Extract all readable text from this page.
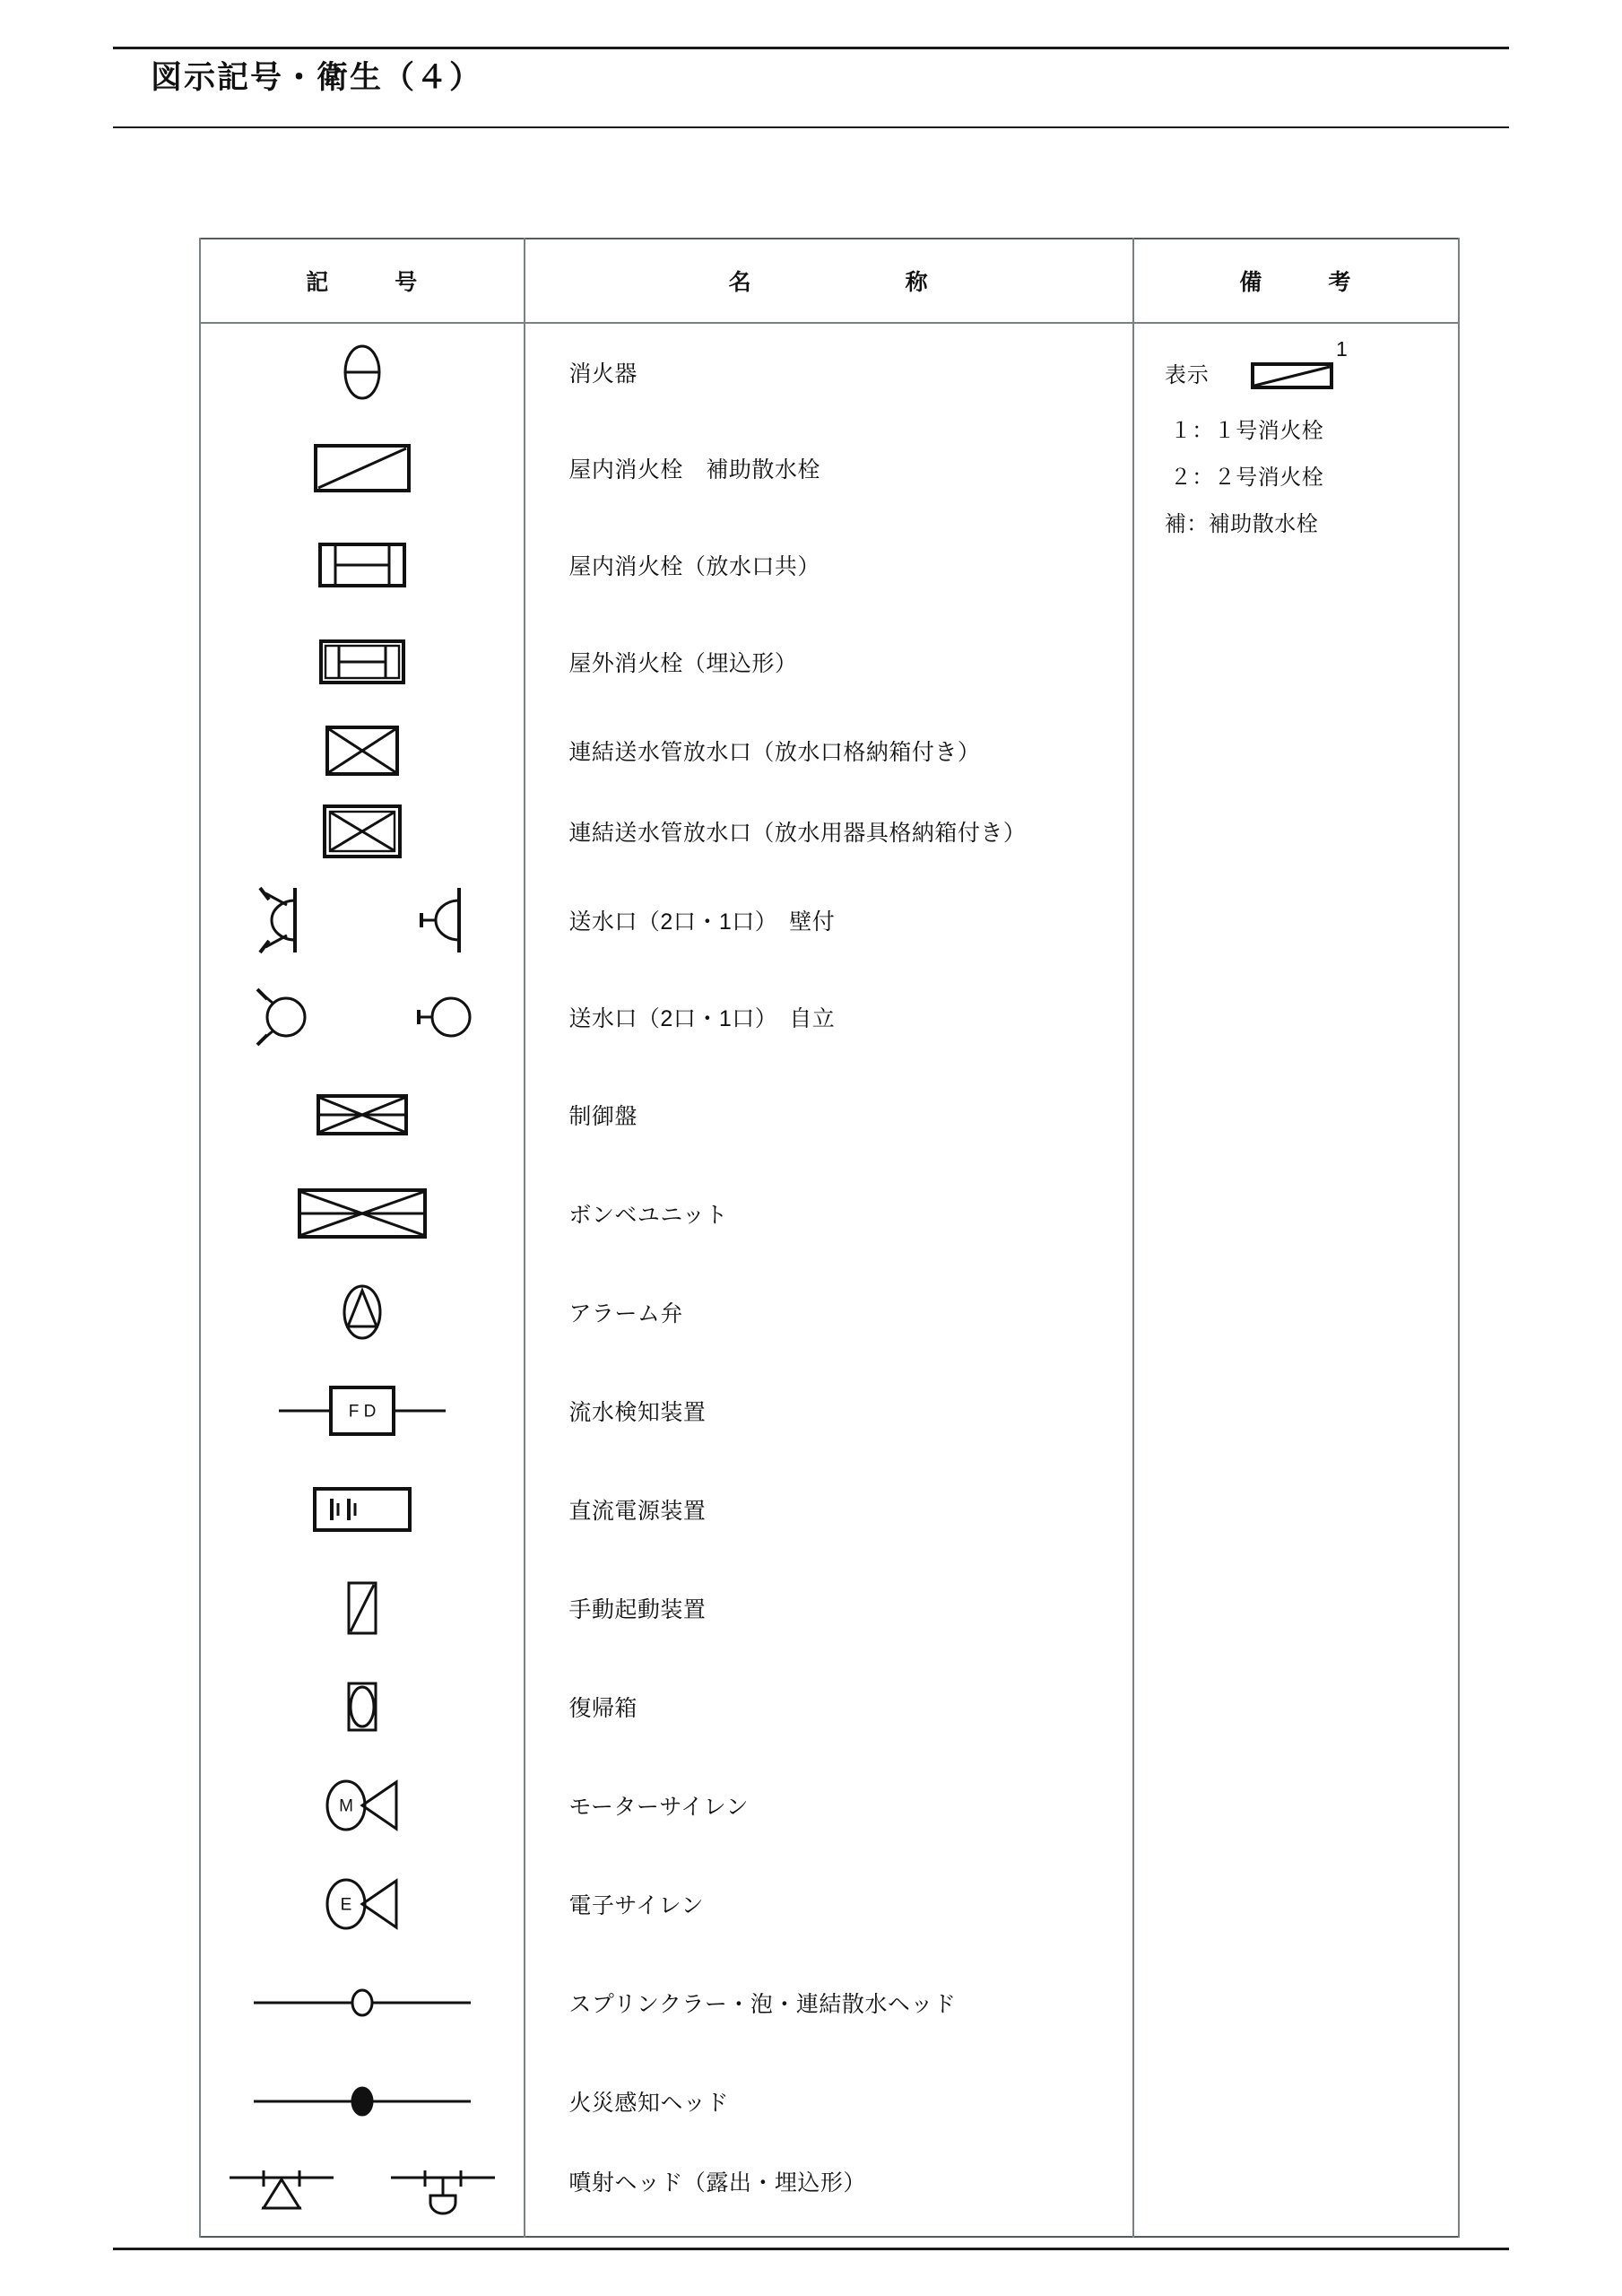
図示記号・衛生（４）
記 号	名 称	備 考

	消火器	表示
1
１：１号消火栓
２：２号消火栓
補：補助散水栓

	屋内消火栓　補助散水栓	

	屋内消火栓（放水口共）	

	屋外消火栓（埋込形）	

	連結送水管放水口（放水口格納箱付き）	

	連結送水管放水口（放水用器具格納箱付き）	

	送水口（2口・1口）　壁付	

	送水口（2口・1口）　自立	

	制御盤	

	ボンベユニット	

	アラーム弁	

F D	流水検知装置	

	直流電源装置	

	手動起動装置	

	復帰箱	

M	モーターサイレン	

E	電子サイレン	

	スプリンクラー・泡・連結散水ヘッド	

	火災感知ヘッド	

	噴射ヘッド（露出・埋込形）	
